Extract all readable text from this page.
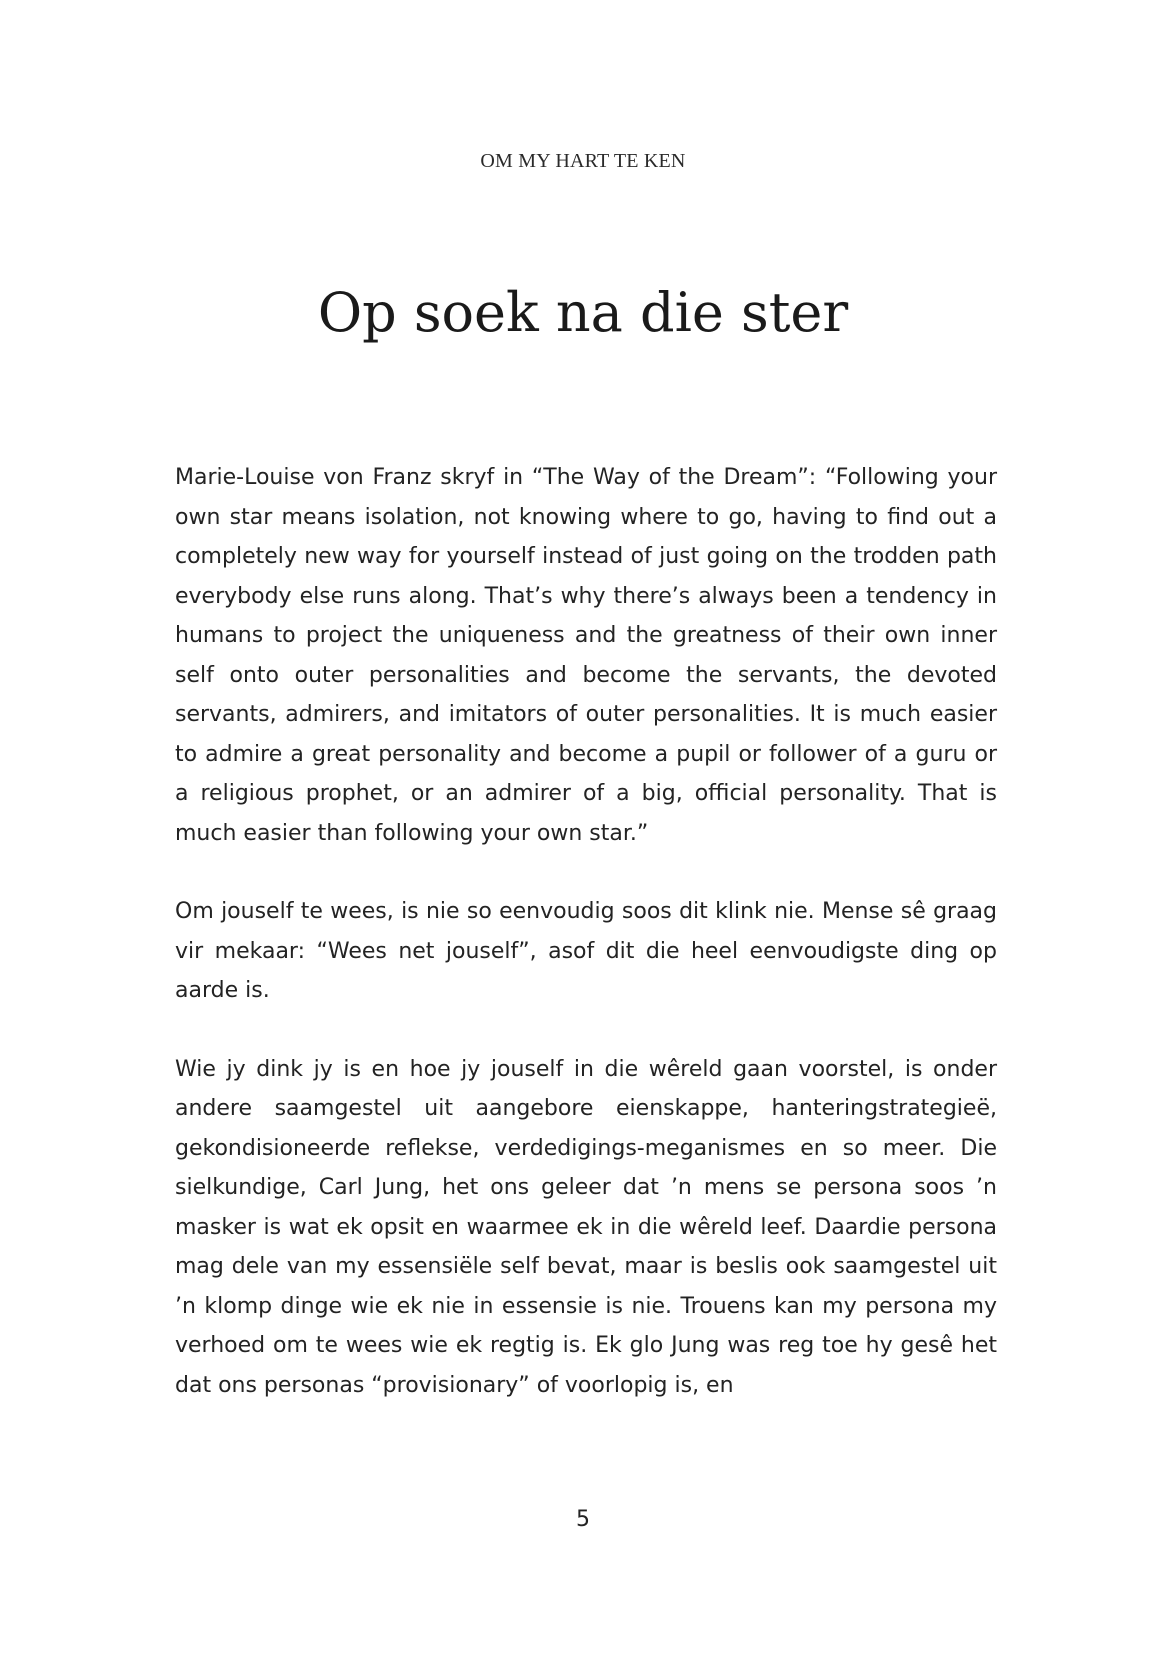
OM MY HART TE KEN
Op soek na die ster

Marie-Louise von Franz skryf in “The Way of the Dream”: “Following your own star means isolation, not knowing where to go, having to find out a completely new way for yourself instead of just going on the trodden path everybody else runs along. That’s why there’s always been a tendency in humans to project the uniqueness and the greatness of their own inner self onto outer personalities and become the servants, the devoted servants, admirers, and imitators of outer personalities. It is much easier to admire a great personality and become a pupil or follower of a guru or a religious prophet, or an admirer of a big, official personality. That is much easier than following your own star.”

Om jouself te wees, is nie so eenvoudig soos dit klink nie. Mense sê graag vir mekaar: “Wees net jouself”, asof dit die heel eenvoudigste ding op aarde is.

Wie jy dink jy is en hoe jy jouself in die wêreld gaan voorstel, is onder andere saamgestel uit aangebore eienskappe, hanteringstrategieë, gekondisioneerde reflekse, verdedigings-meganismes en so meer. Die sielkundige, Carl Jung, het ons geleer dat ’n mens se persona soos ’n masker is wat ek opsit en waarmee ek in die wêreld leef. Daardie persona mag dele van my essensiële self bevat, maar is beslis ook saamgestel uit ’n klomp dinge wie ek nie in essensie is nie. Trouens kan my persona my verhoed om te wees wie ek regtig is. Ek glo Jung was reg toe hy gesê het dat ons personas “provisionary” of voorlopig is, en

5
